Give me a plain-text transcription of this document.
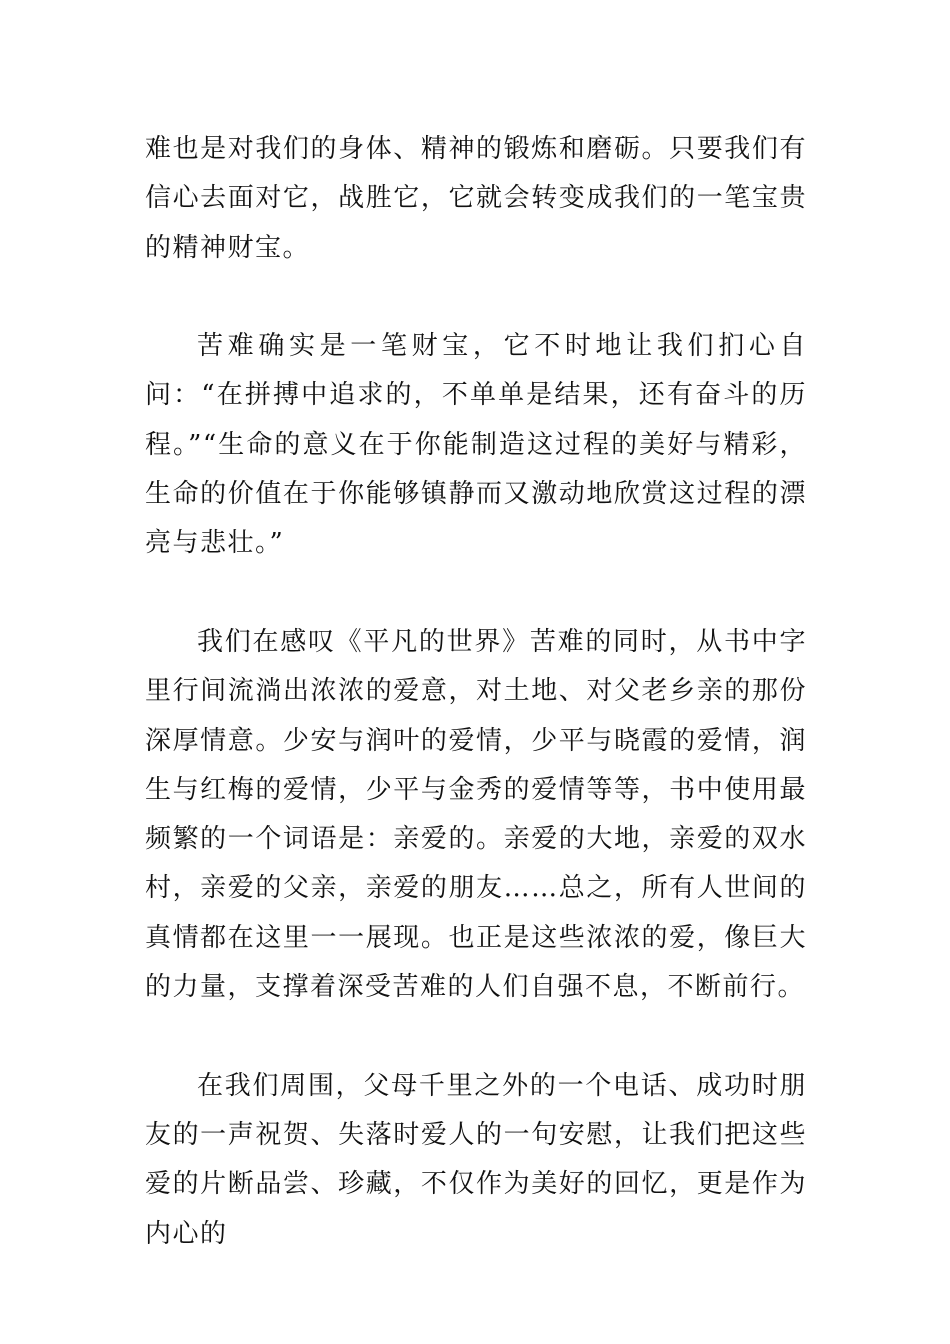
难也是对我们的身体、精神的锻炼和磨砺。只要我们有信心去面对它，战胜它，它就会转变成我们的一笔宝贵的精神财宝。

苦难确实是一笔财宝，它不时地让我们扪心自问：“在拼搏中追求的，不单单是结果，还有奋斗的历程。”“生命的意义在于你能制造这过程的美好与精彩，生命的价值在于你能够镇静而又激动地欣赏这过程的漂亮与悲壮。”

我们在感叹《平凡的世界》苦难的同时，从书中字里行间流淌出浓浓的爱意，对土地、对父老乡亲的那份深厚情意。少安与润叶的爱情，少平与晓霞的爱情，润生与红梅的爱情，少平与金秀的爱情等等，书中使用最频繁的一个词语是：亲爱的。亲爱的大地，亲爱的双水村，亲爱的父亲，亲爱的朋友……总之，所有人世间的真情都在这里一一展现。也正是这些浓浓的爱，像巨大的力量，支撑着深受苦难的人们自强不息，不断前行。

在我们周围，父母千里之外的一个电话、成功时朋友的一声祝贺、失落时爱人的一句安慰，让我们把这些爱的片断品尝、珍藏，不仅作为美好的回忆，更是作为内心的
